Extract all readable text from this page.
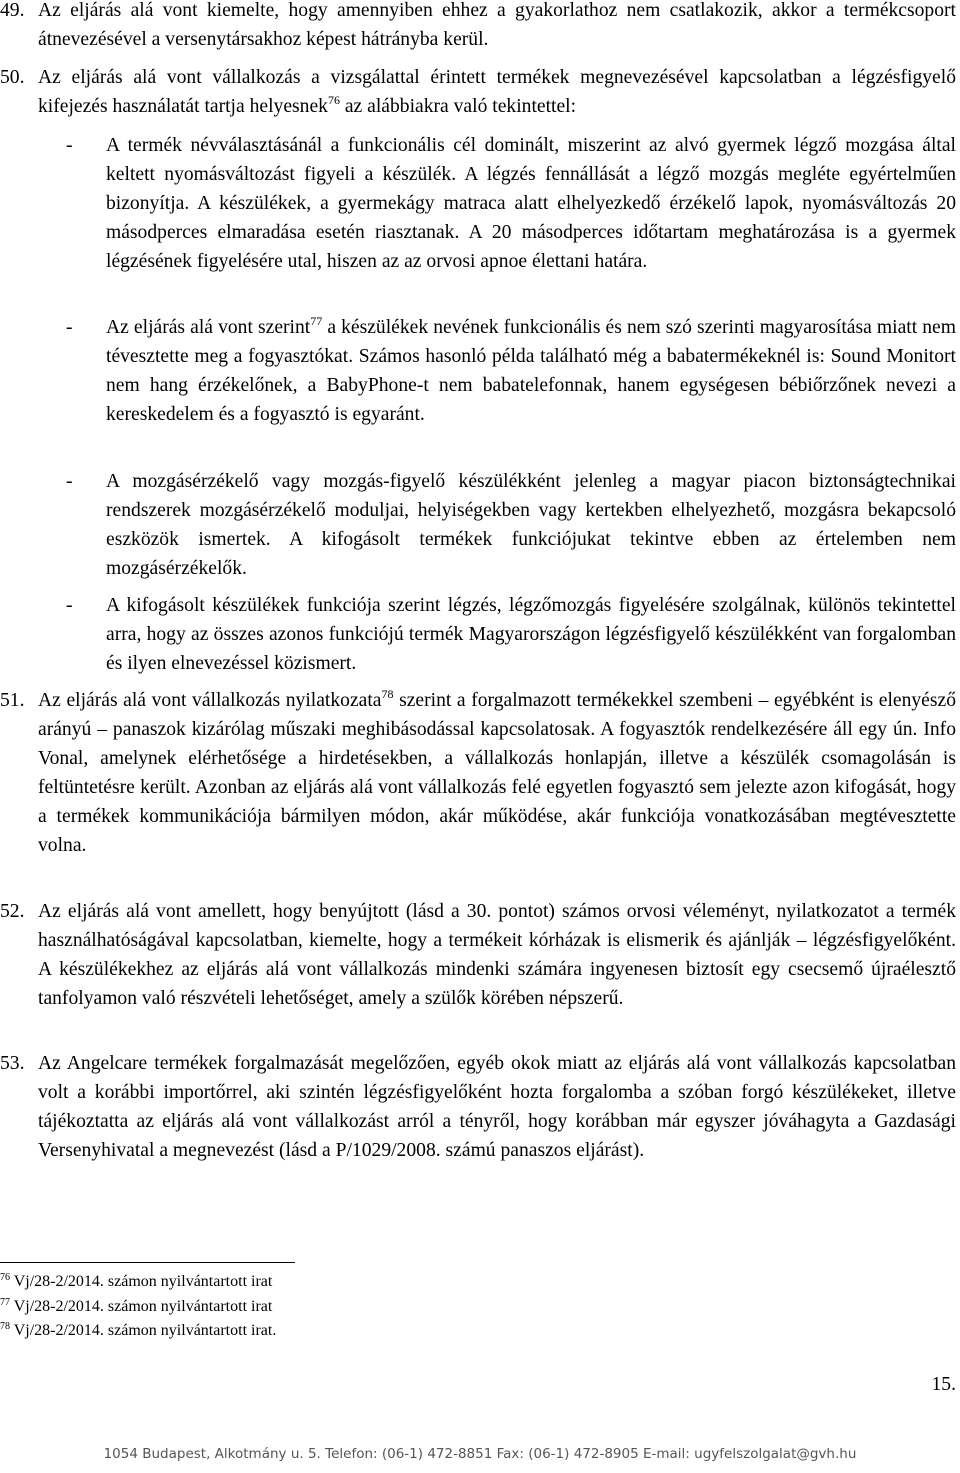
49. Az eljárás alá vont kiemelte, hogy amennyiben ehhez a gyakorlathoz nem csatlakozik, akkor a termékcsoport átnevezésével a versenytársakhoz képest hátrányba kerül.
50. Az eljárás alá vont vállalkozás a vizsgálattal érintett termékek megnevezésével kapcsolatban a légzésfigyelő kifejezés használatát tartja helyesnek$^{76}$ az alábbiakra való tekintettel:
- A termék névválasztásánál a funkcionális cél dominált, miszerint az alvó gyermek légző mozgása által keltett nyomásváltozást figyeli a készülék. A légzés fennállását a légző mozgás megléte egyértelműen bizonyítja. A készülékek, a gyermekágy matraca alatt elhelyezkedő érzékelő lapok, nyomásváltozás 20 másodperces elmaradása esetén riasztanak. A 20 másodperces időtartam meghatározása is a gyermek légzésének figyelésére utal, hiszen az az orvosi apnoe élettani határa.
- Az eljárás alá vont szerint$^{77}$ a készülékek nevének funkcionális és nem szó szerinti magyarosítása miatt nem tévesztette meg a fogyasztókat. Számos hasonló példa található még a babatermékeknél is: Sound Monitort nem hang érzékelőnek, a BabyPhone-t nem babatelefonnak, hanem egységesen bébiőrzőnek nevezi a kereskedelem és a fogyasztó is egyaránt.
- A mozgásérzékelő vagy mozgás-figyelő készülékként jelenleg a magyar piacon biztonságtechnikai rendszerek mozgásérzékelő moduljai, helyiségekben vagy kertekben elhelyezhető, mozgásra bekapcsoló eszközök ismertek. A kifogásolt termékek funkciójukat tekintve ebben az értelemben nem mozgásérzékelők.
- A kifogásolt készülékek funkciója szerint légzés, légzőmozgás figyelésére szolgálnak, különös tekintettel arra, hogy az összes azonos funkciójú termék Magyarországon légzésfigyelő készülékként van forgalomban és ilyen elnevezéssel közismert.
51. Az eljárás alá vont vállalkozás nyilatkozata$^{78}$ szerint a forgalmazott termékekkel szembeni – egyébként is elenyésző arányú – panaszok kizárólag műszaki meghibásodással kapcsolatosak. A fogyasztók rendelkezésére áll egy ún. Info Vonal, amelynek elérhetősége a hirdetésekben, a vállalkozás honlapján, illetve a készülék csomagolásán is feltüntetésre került. Azonban az eljárás alá vont vállalkozás felé egyetlen fogyasztó sem jelezte azon kifogását, hogy a termékek kommunikációja bármilyen módon, akár működése, akár funkciója vonatkozásában megtévesztette volna.
52. Az eljárás alá vont amellett, hogy benyújtott (lásd a 30. pontot) számos orvosi véleményt, nyilatkozatot a termék használhatóságával kapcsolatban, kiemelte, hogy a termékeit kórházak is elismerik és ajánlják – légzésfigyelőként. A készülékekhez az eljárás alá vont vállalkozás mindenki számára ingyenesen biztosít egy csecsemő újraélesztő tanfolyamon való részvételi lehetőséget, amely a szülők körében népszerű.
53. Az Angelcare termékek forgalmazását megelőzően, egyéb okok miatt az eljárás alá vont vállalkozás kapcsolatban volt a korábbi importőrrel, aki szintén légzésfigyelőként hozta forgalomba a szóban forgó készülékeket, illetve tájékoztatta az eljárás alá vont vállalkozást arról a tényről, hogy korábban már egyszer jóváhagyta a Gazdasági Versenyhivatal a megnevezést (lásd a P/1029/2008. számú panaszos eljárást).
$^{76}$ Vj/28-2/2014. számon nyilvántartott irat
$^{77}$ Vj/28-2/2014. számon nyilvántartott irat
$^{78}$ Vj/28-2/2014. számon nyilvántartott irat.
15.
1054 Budapest, Alkotmány u. 5. Telefon: (06-1) 472-8851 Fax: (06-1) 472-8905 E-mail: ugyfelszolgalat@gvh.hu
